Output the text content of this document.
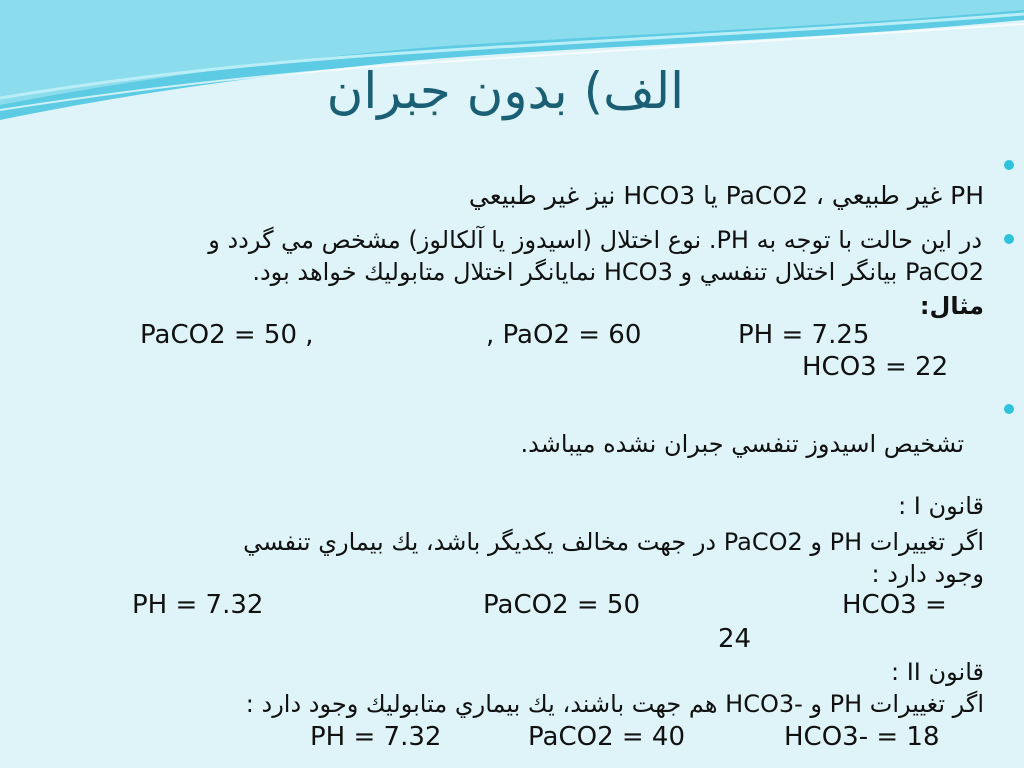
الف) بدون جبران
PH غير طبيعي ، PaCO2 يا HCO3 نيز غير طبيعي
در اين حالت با توجه به PH. نوع اختلال (اسيدوز يا آلكالوز) مشخص مي گردد و
PaCO2 بيانگر اختلال تنفسي و HCO3 نمايانگر اختلال متابوليك خواهد بود.
مثال:
PH = 7.25
, PaO2 = 60
PaCO2 = 50 ,
HCO3 = 22
تشخيص اسيدوز تنفسي جبران نشده ميباشد.
قانون I :
اگر تغييرات PH و PaCO2 در جهت مخالف يكديگر باشد، يك بيماري تنفسي
وجود دارد :
PH = 7.32	PaCO2 = 50	HCO3 =
24
قانون II :
اگر تغييرات PH و -HCO3 هم جهت باشند، يك بيماري متابوليك وجود دارد :
PH = 7.32	PaCO2 = 40	HCO3- = 18
